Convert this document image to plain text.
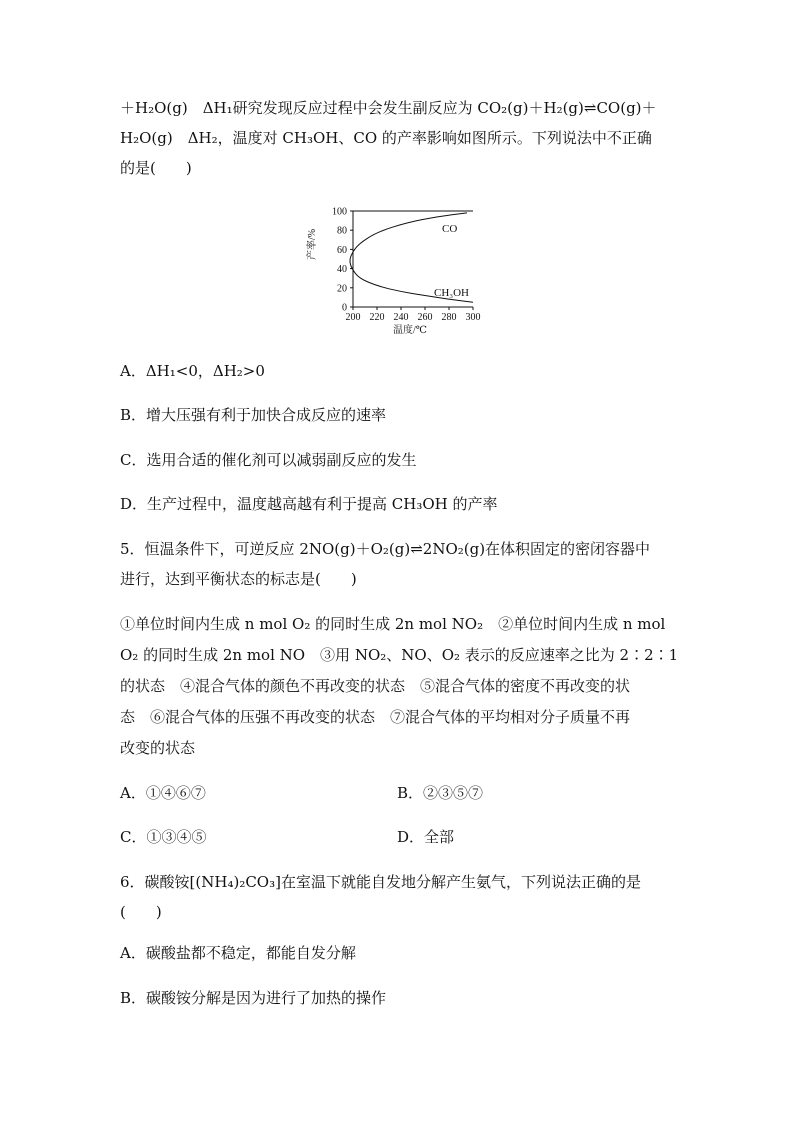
＋H₂O(g)　ΔH₁研究发现反应过程中会发生副反应为 CO₂(g)＋H₂(g)⇌CO(g)＋
H₂O(g)　ΔH₂，温度对 CH₃OH、CO 的产率影响如图所示。下列说法中不正确
的是(　　)
0
20
40
60
80
100
200 220 240 260 280 300
CO
CH₃OH
产率/%
温度/℃
A．ΔH₁<0，ΔH₂>0
B．增大压强有利于加快合成反应的速率
C．选用合适的催化剂可以减弱副反应的发生
D．生产过程中，温度越高越有利于提高 CH₃OH 的产率
5．恒温条件下，可逆反应 2NO(g)＋O₂(g)⇌2NO₂(g)在体积固定的密闭容器中
进行，达到平衡状态的标志是(　　)
①单位时间内生成 n mol O₂ 的同时生成 2n mol NO₂　②单位时间内生成 n mol
O₂ 的同时生成 2n mol NO　③用 NO₂、NO、O₂ 表示的反应速率之比为 2∶2∶1
的状态　④混合气体的颜色不再改变的状态　⑤混合气体的密度不再改变的状
态　⑥混合气体的压强不再改变的状态　⑦混合气体的平均相对分子质量不再
改变的状态
A．①④⑥⑦	B．②③⑤⑦
C．①③④⑤	D．全部
6．碳酸铵[(NH₄)₂CO₃]在室温下就能自发地分解产生氨气，下列说法正确的是
(　　)
A．碳酸盐都不稳定，都能自发分解
B．碳酸铵分解是因为进行了加热的操作
